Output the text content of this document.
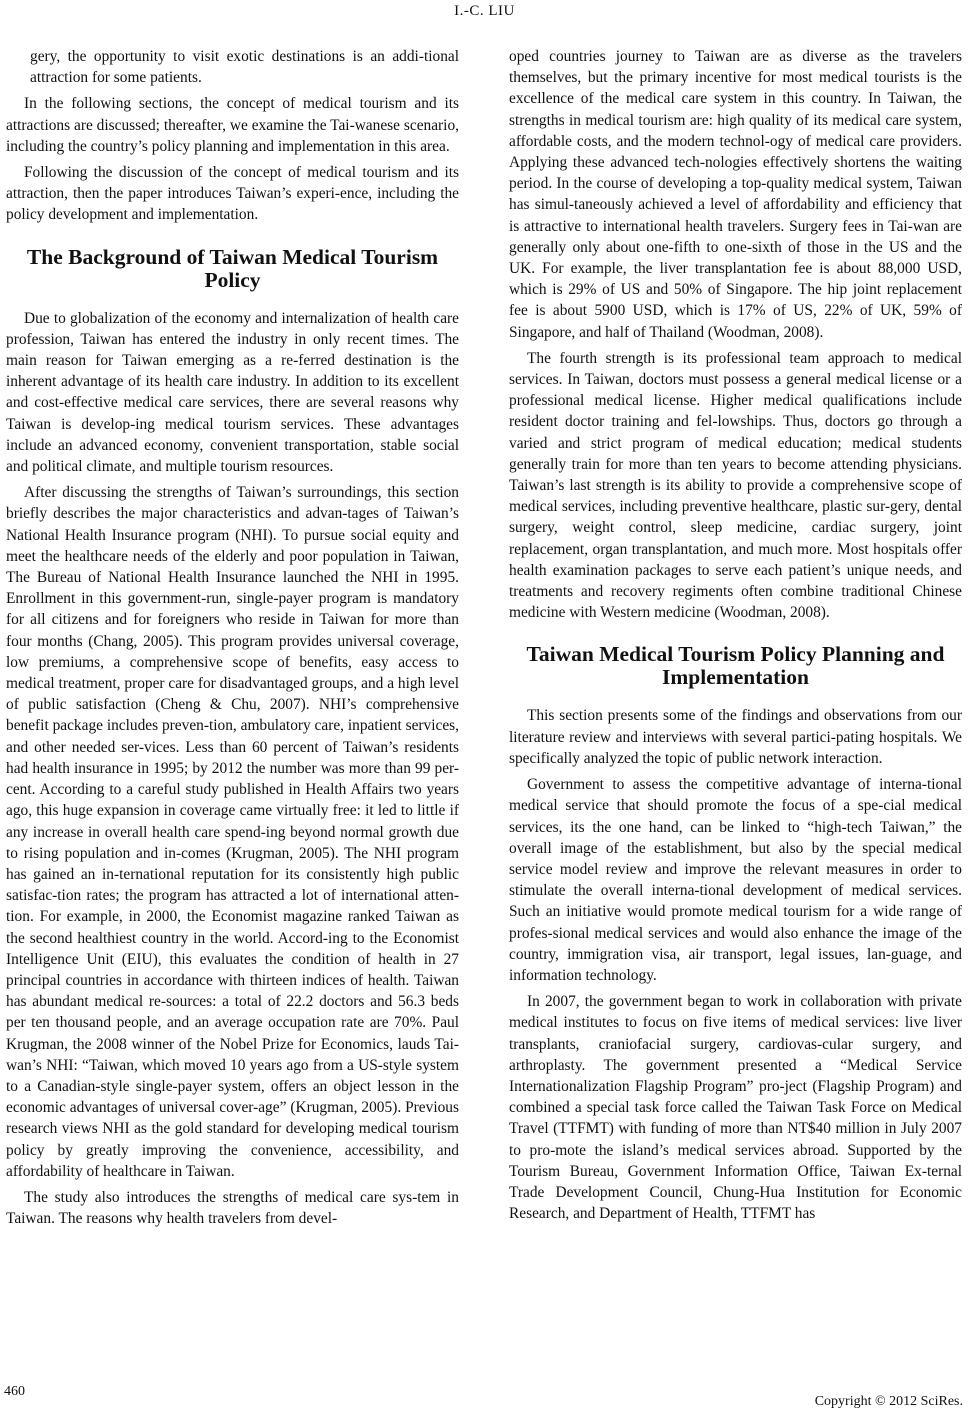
I.-C. LIU

gery, the opportunity to visit exotic destinations is an addi-tional attraction for some patients.

In the following sections, the concept of medical tourism and its attractions are discussed; thereafter, we examine the Tai-wanese scenario, including the country’s policy planning and implementation in this area.

Following the discussion of the concept of medical tourism and its attraction, then the paper introduces Taiwan’s experi-ence, including the policy development and implementation.

The Background of Taiwan Medical Tourism Policy

Due to globalization of the economy and internalization of health care profession, Taiwan has entered the industry in only recent times. The main reason for Taiwan emerging as a re-ferred destination is the inherent advantage of its health care industry. In addition to its excellent and cost-effective medical care services, there are several reasons why Taiwan is develop-ing medical tourism services. These advantages include an advanced economy, convenient transportation, stable social and political climate, and multiple tourism resources.

After discussing the strengths of Taiwan’s surroundings, this section briefly describes the major characteristics and advan-tages of Taiwan’s National Health Insurance program (NHI). To pursue social equity and meet the healthcare needs of the elderly and poor population in Taiwan, The Bureau of National Health Insurance launched the NHI in 1995. Enrollment in this government-run, single-payer program is mandatory for all citizens and for foreigners who reside in Taiwan for more than four months (Chang, 2005). This program provides universal coverage, low premiums, a comprehensive scope of benefits, easy access to medical treatment, proper care for disadvantaged groups, and a high level of public satisfaction (Cheng & Chu, 2007). NHI’s comprehensive benefit package includes preven-tion, ambulatory care, inpatient services, and other needed ser-vices. Less than 60 percent of Taiwan’s residents had health insurance in 1995; by 2012 the number was more than 99 per-cent. According to a careful study published in Health Affairs two years ago, this huge expansion in coverage came virtually free: it led to little if any increase in overall health care spend-ing beyond normal growth due to rising population and in-comes (Krugman, 2005). The NHI program has gained an in-ternational reputation for its consistently high public satisfac-tion rates; the program has attracted a lot of international atten-tion. For example, in 2000, the Economist magazine ranked Taiwan as the second healthiest country in the world. Accord-ing to the Economist Intelligence Unit (EIU), this evaluates the condition of health in 27 principal countries in accordance with thirteen indices of health. Taiwan has abundant medical re-sources: a total of 22.2 doctors and 56.3 beds per ten thousand people, and an average occupation rate are 70%. Paul Krugman, the 2008 winner of the Nobel Prize for Economics, lauds Tai-wan’s NHI: “Taiwan, which moved 10 years ago from a US-style system to a Canadian-style single-payer system, offers an object lesson in the economic advantages of universal cover-age” (Krugman, 2005). Previous research views NHI as the gold standard for developing medical tourism policy by greatly improving the convenience, accessibility, and affordability of healthcare in Taiwan.

The study also introduces the strengths of medical care sys-tem in Taiwan. The reasons why health travelers from devel-

oped countries journey to Taiwan are as diverse as the travelers themselves, but the primary incentive for most medical tourists is the excellence of the medical care system in this country. In Taiwan, the strengths in medical tourism are: high quality of its medical care system, affordable costs, and the modern technol-ogy of medical care providers. Applying these advanced tech-nologies effectively shortens the waiting period. In the course of developing a top-quality medical system, Taiwan has simul-taneously achieved a level of affordability and efficiency that is attractive to international health travelers. Surgery fees in Tai-wan are generally only about one-fifth to one-sixth of those in the US and the UK. For example, the liver transplantation fee is about 88,000 USD, which is 29% of US and 50% of Singapore. The hip joint replacement fee is about 5900 USD, which is 17% of US, 22% of UK, 59% of Singapore, and half of Thailand (Woodman, 2008).

The fourth strength is its professional team approach to medical services. In Taiwan, doctors must possess a general medical license or a professional medical license. Higher medical qualifications include resident doctor training and fel-lowships. Thus, doctors go through a varied and strict program of medical education; medical students generally train for more than ten years to become attending physicians. Taiwan’s last strength is its ability to provide a comprehensive scope of medical services, including preventive healthcare, plastic sur-gery, dental surgery, weight control, sleep medicine, cardiac surgery, joint replacement, organ transplantation, and much more. Most hospitals offer health examination packages to serve each patient’s unique needs, and treatments and recovery regiments often combine traditional Chinese medicine with Western medicine (Woodman, 2008).

Taiwan Medical Tourism Policy Planning and Implementation

This section presents some of the findings and observations from our literature review and interviews with several partici-pating hospitals. We specifically analyzed the topic of public network interaction.

Government to assess the competitive advantage of interna-tional medical service that should promote the focus of a spe-cial medical services, its the one hand, can be linked to “high-tech Taiwan,” the overall image of the establishment, but also by the special medical service model review and improve the relevant measures in order to stimulate the overall interna-tional development of medical services. Such an initiative would promote medical tourism for a wide range of profes-sional medical services and would also enhance the image of the country, immigration visa, air transport, legal issues, lan-guage, and information technology.

In 2007, the government began to work in collaboration with private medical institutes to focus on five items of medical services: live liver transplants, craniofacial surgery, cardiovas-cular surgery, and arthroplasty. The government presented a “Medical Service Internationalization Flagship Program” pro-ject (Flagship Program) and combined a special task force called the Taiwan Task Force on Medical Travel (TTFMT) with funding of more than NT$40 million in July 2007 to pro-mote the island’s medical services abroad. Supported by the Tourism Bureau, Government Information Office, Taiwan Ex-ternal Trade Development Council, Chung-Hua Institution for Economic Research, and Department of Health, TTFMT has

460
Copyright © 2012 SciRes.
